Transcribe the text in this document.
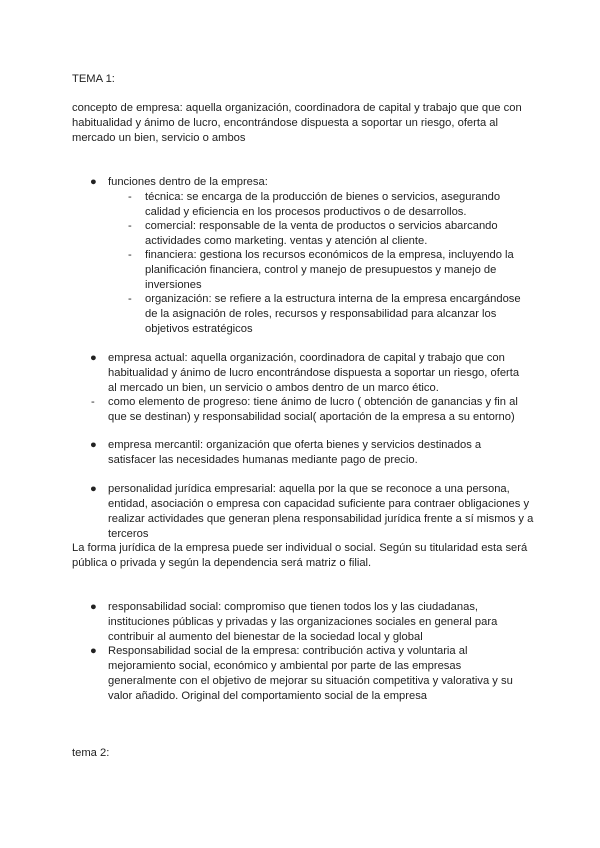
TEMA 1:
concepto de empresa: aquella organización, coordinadora de capital y trabajo que que con habitualidad y ánimo de lucro, encontrándose dispuesta a soportar un riesgo, oferta al mercado un bien, servicio o ambos
● funciones dentro de la empresa:
- técnica: se encarga de la producción de bienes o servicios, asegurando calidad y eficiencia en los procesos productivos o de desarrollos.
- comercial: responsable de la venta de productos o servicios abarcando actividades como marketing. ventas y atención al cliente.
- financiera: gestiona los recursos económicos de la empresa, incluyendo la planificación financiera, control y manejo de presupuestos y manejo de inversiones
- organización: se refiere a la estructura interna de la empresa encargándose de la asignación de roles, recursos y responsabilidad para alcanzar los objetivos estratégicos
● empresa actual: aquella organización, coordinadora de capital y trabajo que con habitualidad y ánimo de lucro encontrándose dispuesta a soportar un riesgo, oferta al mercado un bien, un servicio o ambos dentro de un marco ético.
- como elemento de progreso: tiene ánimo de lucro ( obtención de ganancias y fin al que se destinan) y responsabilidad social( aportación de la empresa a su entorno)
● empresa mercantil: organización que oferta bienes y servicios destinados a satisfacer las necesidades humanas mediante pago de precio.
● personalidad jurídica empresarial: aquella por la que se reconoce a una persona, entidad, asociación o empresa con capacidad suficiente para contraer obligaciones y realizar actividades que generan plena responsabilidad jurídica frente a sí mismos y a terceros
La forma jurídica de la empresa puede ser individual o social. Según su titularidad esta será pública o privada y según la dependencia será matriz o filial.
● responsabilidad social: compromiso que tienen todos los y las ciudadanas, instituciones públicas y privadas y las organizaciones sociales en general para contribuir al aumento del bienestar de la sociedad local y global
● Responsabilidad social de la empresa: contribución activa y voluntaria al mejoramiento social, económico y ambiental por parte de las empresas generalmente con el objetivo de mejorar su situación competitiva y valorativa y su valor añadido. Original del comportamiento social de la empresa
tema 2:
